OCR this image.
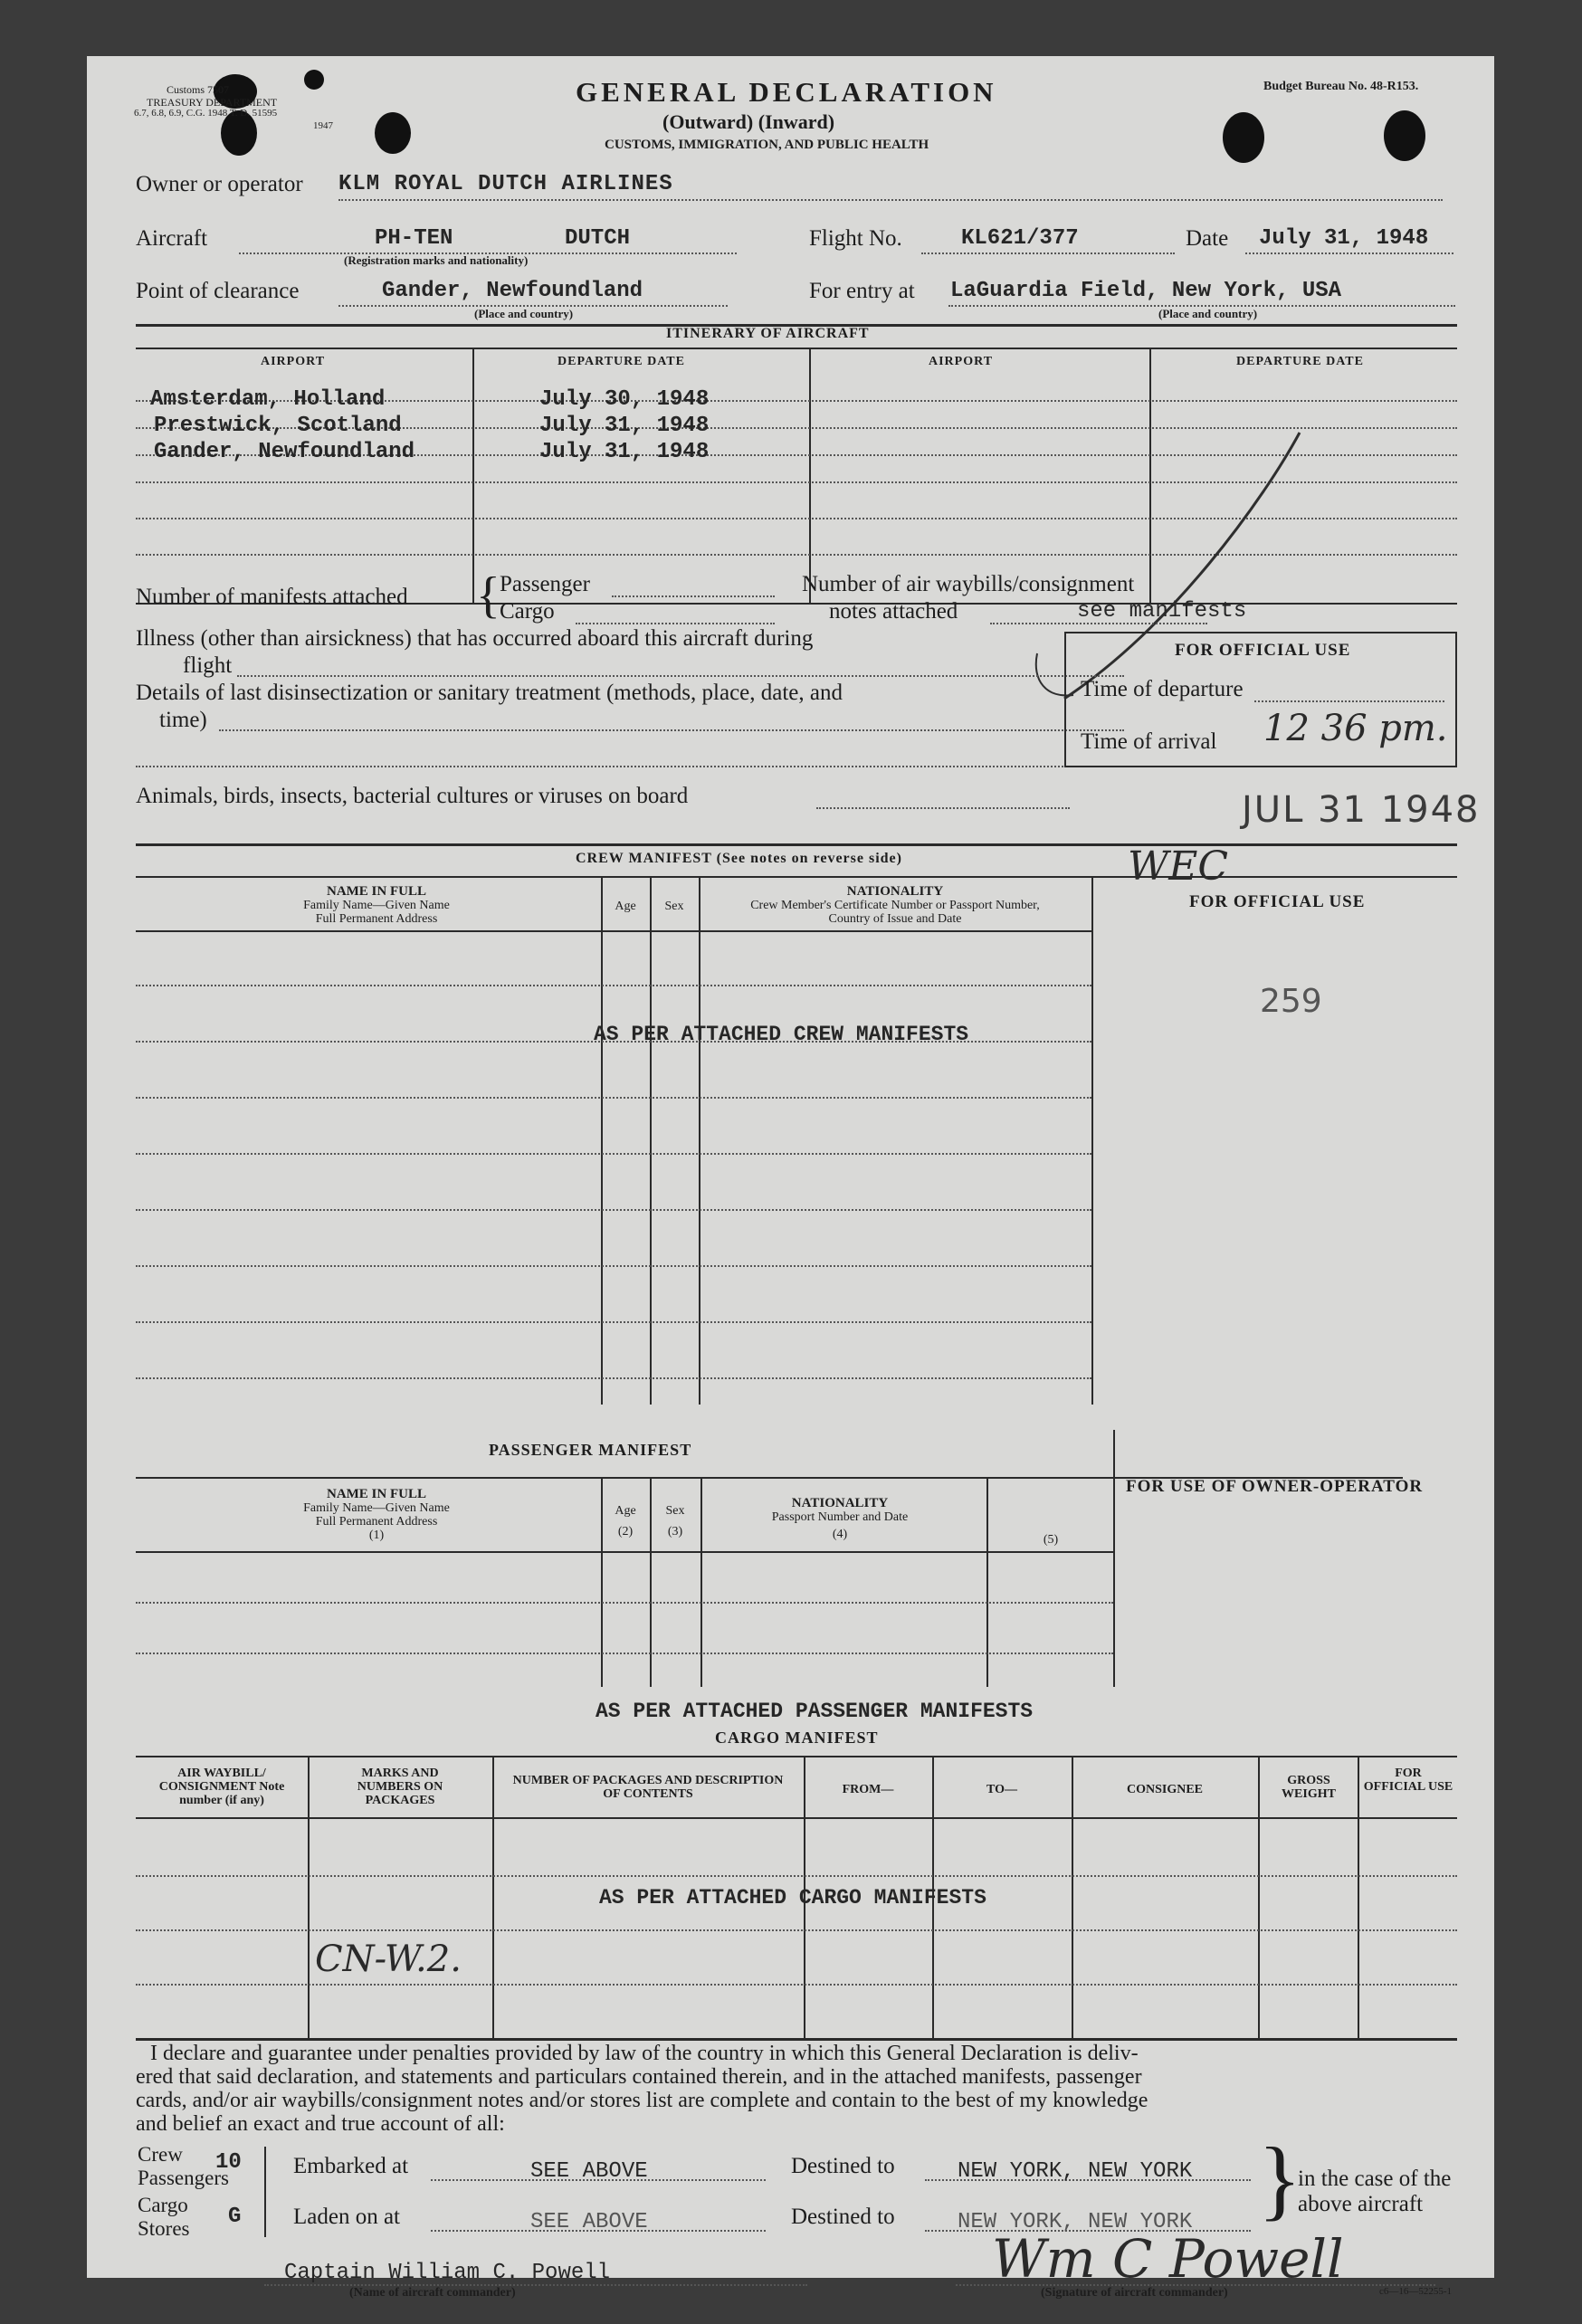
Customs 7507
TREASURY DEPARTMENT
6.7, 6.8, 6.9, C.G. 1948 T. D. 51595
1947
GENERAL DECLARATION
(Outward) (Inward)
CUSTOMS, IMMIGRATION, AND PUBLIC HEALTH
Budget Bureau No. 48-R153.
Owner or operator KLM ROYAL DUTCH AIRLINES
Aircraft	PH-TEN	DUTCH
(Registration marks and nationality)
Flight No.	KL621/377	Date July 31, 1948
Point of clearance	Gander, Newfoundland
(Place and country)
For entry at LaGuardia Field, New York, USA
(Place and country)
ITINERARY OF AIRCRAFT
AIRPORT	DEPARTURE DATE	AIRPORT	DEPARTURE DATE
Amsterdam, Holland	July 30, 1948
Prestwick, Scotland	July 31, 1948
Gander, Newfoundland	July 31, 1948
Number of manifests attached { Passenger
Cargo
Number of air waybills/consignment
notes attached	see manifests
Illness (other than airsickness) that has occurred aboard this aircraft during
flight
Details of last disinsectization or sanitary treatment (methods, place, date, and
time)
FOR OFFICIAL USE
Time of departure
Time of arrival 12 36 pm.
Animals, birds, insects, bacterial cultures or viruses on board	JUL 31 1948
CREW MANIFEST (See notes on reverse side)	WEC
NAME IN FULL
Family Name—Given Name
Full Permanent Address
Age	Sex
NATIONALITY
Crew Member's Certificate Number or Passport Number,
Country of Issue and Date
FOR OFFICIAL USE
259
AS PER ATTACHED CREW MANIFESTS
PASSENGER MANIFEST
FOR USE OF OWNER-OPERATOR
NAME IN FULL
Family Name—Given Name
Full Permanent Address
(1)
Age
(2)
Sex
(3)
NATIONALITY
Passport Number and Date
(4)	(5)
AS PER ATTACHED PASSENGER MANIFESTS
CARGO MANIFEST
AIR WAYBILL/ CONSIGNMENT Note number (if any)
MARKS AND NUMBERS ON PACKAGES
NUMBER OF PACKAGES AND DESCRIPTION OF CONTENTS	FROM—	TO—	CONSIGNEE
GROSS WEIGHT
FOR OFFICIAL USE
AS PER ATTACHED CARGO MANIFESTS
CN-W.2.
I declare and guarantee under penalties provided by law of the country in which this General Declaration is deliv-
ered that said declaration, and statements and particulars contained therein, and in the attached manifests, passenger
cards, and/or air waybills/consignment notes and/or stores list are complete and contain to the best of my knowledge
and belief an exact and true account of all:
Crew 10
Passengers
Cargo G
Stores
Embarked at	SEE ABOVE
Laden on at	SEE ABOVE
Destined to	NEW YORK, NEW YORK
Destined to	NEW YORK, NEW YORK }
in the case of the
above aircraft
Captain William C. Powell
(Name of aircraft commander)
Wm C Powell
(Signature of aircraft commander)	c6—16—52255-1
